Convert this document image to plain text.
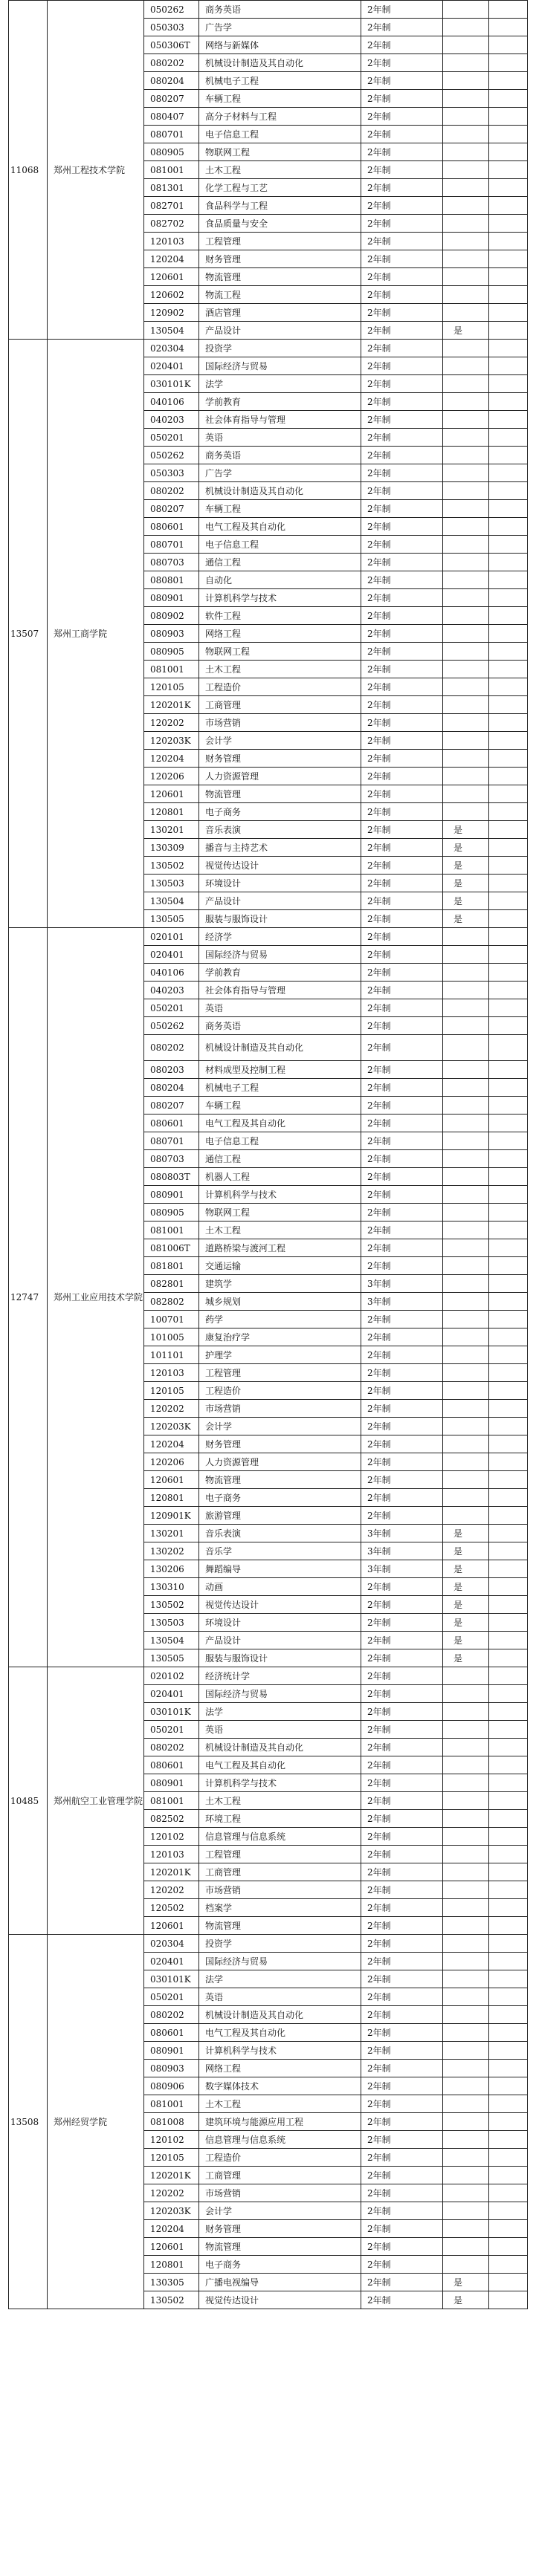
11068	郑州工程技术学院	050262	商务英语	2年制		
		050303	广告学	2年制		
		050306T	网络与新媒体	2年制		
		080202	机械设计制造及其自动化	2年制		
		080204	机械电子工程	2年制		
		080207	车辆工程	2年制		
		080407	高分子材料与工程	2年制		
		080701	电子信息工程	2年制		
		080905	物联网工程	2年制		
		081001	土木工程	2年制		
		081301	化学工程与工艺	2年制		
		082701	食品科学与工程	2年制		
		082702	食品质量与安全	2年制		
		120103	工程管理	2年制		
		120204	财务管理	2年制		
		120601	物流管理	2年制		
		120602	物流工程	2年制		
		120902	酒店管理	2年制		
		130504	产品设计	2年制	是	
13507	郑州工商学院	020304	投资学	2年制		
		020401	国际经济与贸易	2年制		
		030101K	法学	2年制		
		040106	学前教育	2年制		
		040203	社会体育指导与管理	2年制		
		050201	英语	2年制		
		050262	商务英语	2年制		
		050303	广告学	2年制		
		080202	机械设计制造及其自动化	2年制		
		080207	车辆工程	2年制		
		080601	电气工程及其自动化	2年制		
		080701	电子信息工程	2年制		
		080703	通信工程	2年制		
		080801	自动化	2年制		
		080901	计算机科学与技术	2年制		
		080902	软件工程	2年制		
		080903	网络工程	2年制		
		080905	物联网工程	2年制		
		081001	土木工程	2年制		
		120105	工程造价	2年制		
		120201K	工商管理	2年制		
		120202	市场营销	2年制		
		120203K	会计学	2年制		
		120204	财务管理	2年制		
		120206	人力资源管理	2年制		
		120601	物流管理	2年制		
		120801	电子商务	2年制		
		130201	音乐表演	2年制	是	
		130309	播音与主持艺术	2年制	是	
		130502	视觉传达设计	2年制	是	
		130503	环境设计	2年制	是	
		130504	产品设计	2年制	是	
		130505	服装与服饰设计	2年制	是	
12747	郑州工业应用技术学院	020101	经济学	2年制		
		020401	国际经济与贸易	2年制		
		040106	学前教育	2年制		
		040203	社会体育指导与管理	2年制		
		050201	英语	2年制		
		050262	商务英语	2年制		
		080202	机械设计制造及其自动化	2年制		
		080203	材料成型及控制工程	2年制		
		080204	机械电子工程	2年制		
		080207	车辆工程	2年制		
		080601	电气工程及其自动化	2年制		
		080701	电子信息工程	2年制		
		080703	通信工程	2年制		
		080803T	机器人工程	2年制		
		080901	计算机科学与技术	2年制		
		080905	物联网工程	2年制		
		081001	土木工程	2年制		
		081006T	道路桥梁与渡河工程	2年制		
		081801	交通运输	2年制		
		082801	建筑学	3年制		
		082802	城乡规划	3年制		
		100701	药学	2年制		
		101005	康复治疗学	2年制		
		101101	护理学	2年制		
		120103	工程管理	2年制		
		120105	工程造价	2年制		
		120202	市场营销	2年制		
		120203K	会计学	2年制		
		120204	财务管理	2年制		
		120206	人力资源管理	2年制		
		120601	物流管理	2年制		
		120801	电子商务	2年制		
		120901K	旅游管理	2年制		
		130201	音乐表演	3年制	是	
		130202	音乐学	3年制	是	
		130206	舞蹈编导	3年制	是	
		130310	动画	2年制	是	
		130502	视觉传达设计	2年制	是	
		130503	环境设计	2年制	是	
		130504	产品设计	2年制	是	
		130505	服装与服饰设计	2年制	是	
10485	郑州航空工业管理学院	020102	经济统计学	2年制		
		020401	国际经济与贸易	2年制		
		030101K	法学	2年制		
		050201	英语	2年制		
		080202	机械设计制造及其自动化	2年制		
		080601	电气工程及其自动化	2年制		
		080901	计算机科学与技术	2年制		
		081001	土木工程	2年制		
		082502	环境工程	2年制		
		120102	信息管理与信息系统	2年制		
		120103	工程管理	2年制		
		120201K	工商管理	2年制		
		120202	市场营销	2年制		
		120502	档案学	2年制		
		120601	物流管理	2年制		
13508	郑州经贸学院	020304	投资学	2年制		
		020401	国际经济与贸易	2年制		
		030101K	法学	2年制		
		050201	英语	2年制		
		080202	机械设计制造及其自动化	2年制		
		080601	电气工程及其自动化	2年制		
		080901	计算机科学与技术	2年制		
		080903	网络工程	2年制		
		080906	数字媒体技术	2年制		
		081001	土木工程	2年制		
		081008	建筑环境与能源应用工程	2年制		
		120102	信息管理与信息系统	2年制		
		120105	工程造价	2年制		
		120201K	工商管理	2年制		
		120202	市场营销	2年制		
		120203K	会计学	2年制		
		120204	财务管理	2年制		
		120601	物流管理	2年制		
		120801	电子商务	2年制		
		130305	广播电视编导	2年制	是	
		130502	视觉传达设计	2年制	是	
